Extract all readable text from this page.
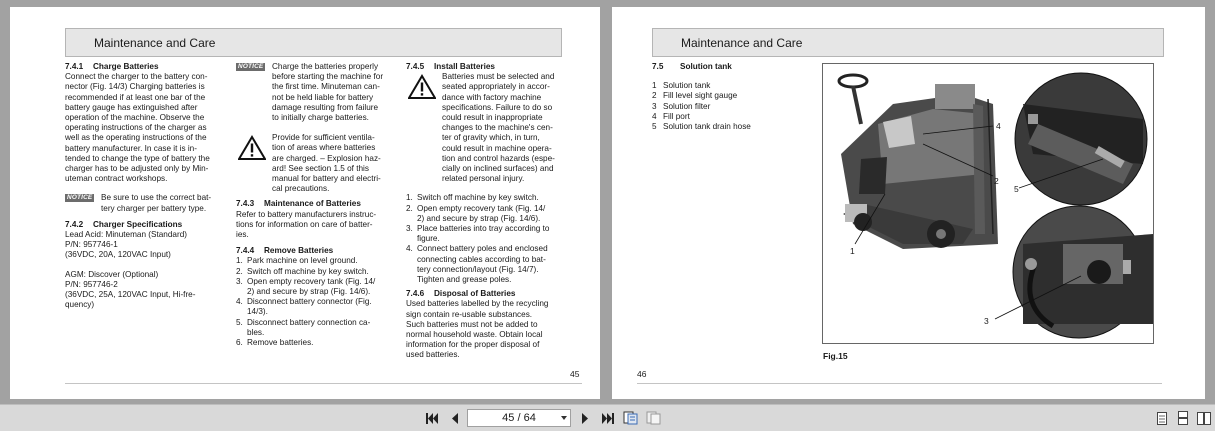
Maintenance and Care

7.4.1 Charge Batteries

Connect the charger to the battery con-

nector (Fig. 14/3) Charging batteries is

recommended if at least one bar of the

battery gauge has extinguished after

operation of the machine. Observe the

operating instructions of the charger as

well as the operating instructions of the

battery manufacturer. In case it is in-

tended to change the type of battery the

charger has to be adjusted only by Min-

uteman contract workshops.

NOTICE Be sure to use the correct bat-

tery charger per battery type.

7.4.2 Charger Specifications

Lead Acid: Minuteman (Standard)

P/N: 957746-1

(36VDC, 20A, 120VAC Input)

AGM: Discover (Optional)

P/N: 957746-2

(36VDC, 25A, 120VAC Input, Hi-fre-

quency)

NOTICE Charge the batteries properly

before starting the machine for

the first time. Minuteman can-

not be held liable for battery

damage resulting from failure

to initially charge batteries.

Provide for sufficient ventila-

tion of areas where batteries

are charged. – Explosion haz-

ard! See section 1.5 of this

manual for battery and electri-

cal precautions.

7.4.3 Maintenance of Batteries

Refer to battery manufacturers instruc-

tions for information on care of batter-

ies.

7.4.4 Remove Batteries

1. Park machine on level ground.

2. Switch off machine by key switch.

3. Open empty recovery tank (Fig. 14/

2) and secure by strap (Fig. 14/6).

4. Disconnect battery connector (Fig.

14/3).

5. Disconnect battery connection ca-

bles.

6. Remove batteries.

7.4.5 Install Batteries

Batteries must be selected and

seated appropriately in accor-

dance with factory machine

specifications. Failure to do so

could result in inappropriate

changes to the machine's cen-

ter of gravity which, in turn,

could result in machine opera-

tion and control hazards (espe-

cially on inclined surfaces) and

related personal injury.

1. Switch off machine by key switch.

2. Open empty recovery tank (Fig. 14/

2) and secure by strap (Fig. 14/6).

3. Place batteries into tray according to

figure.

4. Connect battery poles and enclosed

connecting cables according to bat-

tery connection/layout (Fig. 14/7).

Tighten and grease poles.

7.4.6 Disposal of Batteries

Used batteries labelled by the recycling

sign contain re-usable substances.

Such batteries must not be added to

normal household waste. Obtain local

information for the proper disposal of

used batteries.

45
Maintenance and Care

7.5 Solution tank

1 Solution tank

2 Fill level sight gauge

3 Solution filter

4 Fill port

5 Solution tank drain hose

1
2
3
4
5
Fig.15
46
45 / 64
